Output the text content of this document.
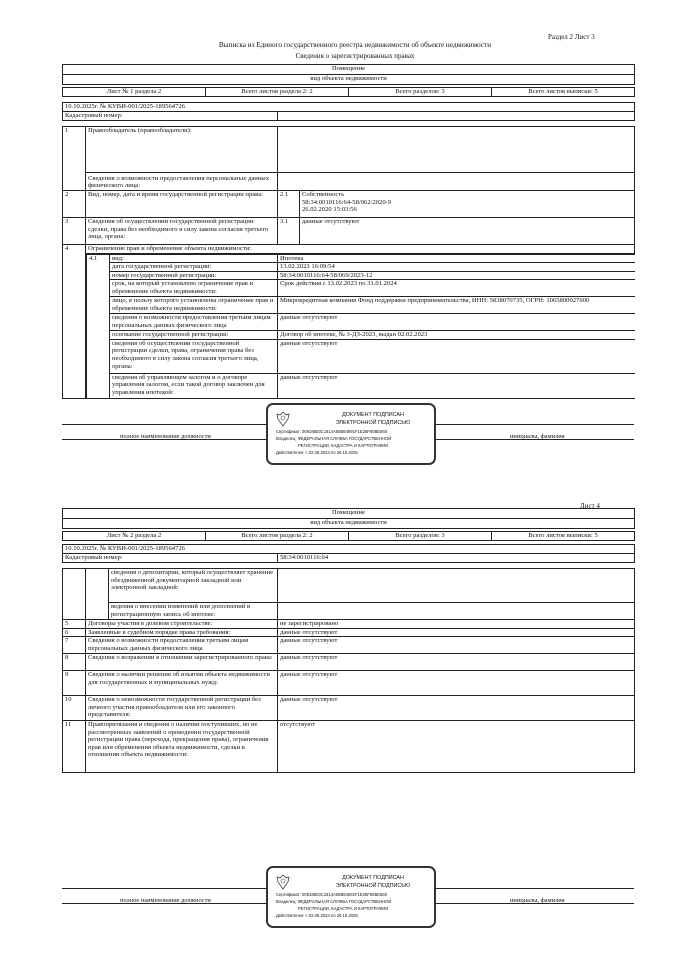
Раздел 2 Лист 3
Выписка из Единого государственного реестра недвижимости об объекте недвижимости
Сведения о зарегистрированных правах
Помещение
вид объекта недвижимости

Лист № 1 раздела 2	Всего листов раздела 2: 2	Всего разделов: 3	Всего листов выписки: 5
10.10.2025г. № КУВИ-001/2025-189564726
Кадастровый номер:	

1	Правообладатель (правообладатели):	
Сведения о возможности предоставления персональных данных физического лица:	
2	Вид, номер, дата и время государственной регистрации права:	2.1	Собственность
58:34:0010116:64-58/062/2020-9
26.02.2020 15:03:56

3	Сведения об осуществлении государственной регистрации сделки, права без необходимого в силу закона согласия третьего лица, органа:	3.1	данные отсутствуют
4	Ограничение прав и обременение объекта недвижимости:

4.1	вид:	Ипотека
дата государственной регистрации:	13.02.2023 16:09:54
номер государственной регистрации:	58:34:0010116:64-58/069/2023-12
срок, на который установлено ограничение прав и обременение объекта недвижимости:	Срок действия с 13.02.2023 по 31.01.2024
лицо, в пользу которого установлены ограничение прав и обременение объекта недвижимости:	Микрокредитная компания Фонд поддержки предпринимательства, ИНН: 5838070735, ОГРН: 1065800027600
сведения о возможности предоставления третьим лицам персональных данных физического лица	данные отсутствуют
основание государственной регистрации:	Договор об ипотеке, № 3-ДЗ-2023, выдан 02.02.2023
сведения об осуществлении государственной регистрации сделки, права, ограничения права без необходимого в силу закона согласия третьего лица, органа:	данные отсутствуют
сведения об управляющем залогом и о договоре управления залогом, если такой договор заключен для управления ипотекой:	данные отсутствуют
полное наименование должности	инициалы, фамилия
ДОКУМЕНТ ПОДПИСАН
ЭЛЕКТРОННОЙ ПОДПИСЬЮ
Сертификат: 00918803C1814A55B64691F1E25F80BE560
Владелец: ФЕДЕРАЛЬНАЯ СЛУЖБА ГОСУДАРСТВЕННОЙ
РЕГИСТРАЦИИ, КАДАСТРА И КАРТОГРАФИИ
Действителен: с 02.08.2024 по 26.10.2025
Лист 4
Помещение
вид объекта недвижимости

Лист № 2 раздела 2	Всего листов раздела 2: 2	Всего разделов: 3	Всего листов выписки: 5
10.10.2025г. № КУВИ-001/2025-189564726			
Кадастровый номер:			58:34:0010116:64

		сведения о депозитарии, который осуществляет хранение обездвиженной документарной закладной или электронной закладной:	
		ведения о внесении изменений или дополнений в регистрационную запись об ипотеке:	
5	Договоры участия в долевом строительстве:		не зарегистрировано
6	Заявленные в судебном порядке права требования:		данные отсутствуют
7	Сведения о возможности предоставления третьим лицам персональных данных физического лица		данные отсутствуют
8	Сведения о возражении в отношении зарегистрированного права:		данные отсутствуют
9	Сведения о наличии решения об изъятии объекта недвижимости для государственных и муниципальных нужд:		данные отсутствуют
10	Сведения о невозможности государственной регистрации без личного участия правообладателя или его законного представителя:		данные отсутствуют
11	Правопритязания и сведения о наличии поступивших, но не рассмотренных заявлений о проведении государственной регистрации права (перехода, прекращения права), ограничения прав или обременения объекта недвижимости, сделки в отношении объекта недвижимости:		отсутствуют
полное наименование должности	инициалы, фамилия
ДОКУМЕНТ ПОДПИСАН
ЭЛЕКТРОННОЙ ПОДПИСЬЮ
Сертификат: 00918803C1814A55B64691F1E25F80BE560
Владелец: ФЕДЕРАЛЬНАЯ СЛУЖБА ГОСУДАРСТВЕННОЙ
РЕГИСТРАЦИИ, КАДАСТРА И КАРТОГРАФИИ
Действителен: с 02.08.2024 по 26.10.2025
